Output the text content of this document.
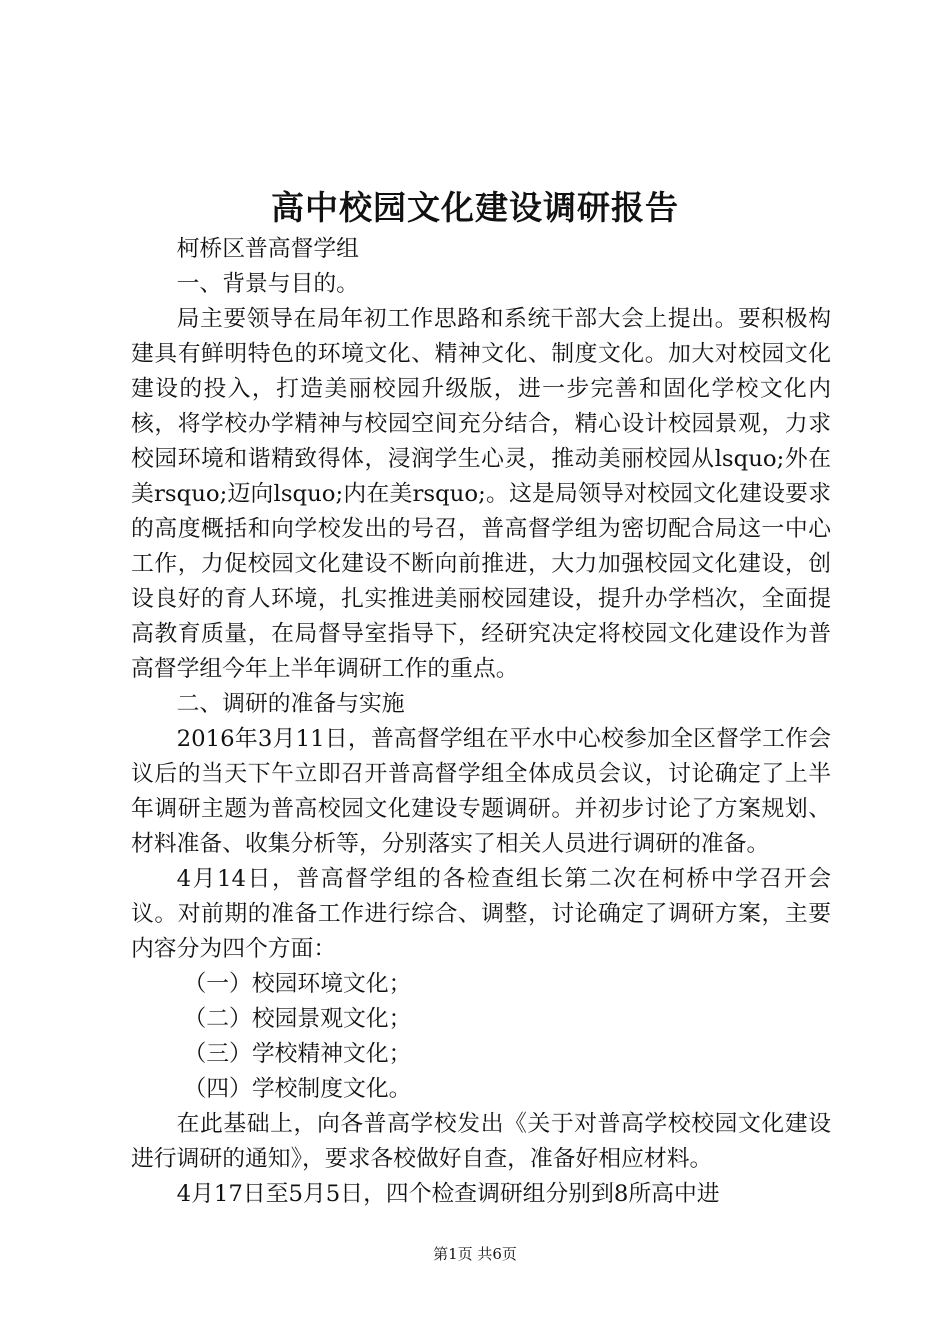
高中校园文化建设调研报告

柯桥区普高督学组

一、背景与目的。

局主要领导在局年初工作思路和系统干部大会上提出。要积极构建具有鲜明特色的环境文化、精神文化、制度文化。加大对校园文化建设的投入，打造美丽校园升级版，进一步完善和固化学校文化内核，将学校办学精神与校园空间充分结合，精心设计校园景观，力求校园环境和谐精致得体，浸润学生心灵，推动美丽校园从lsquo;外在美rsquo;迈向lsquo;内在美rsquo;。这是局领导对校园文化建设要求的高度概括和向学校发出的号召，普高督学组为密切配合局这一中心工作，力促校园文化建设不断向前推进，大力加强校园文化建设，创设良好的育人环境，扎实推进美丽校园建设，提升办学档次，全面提高教育质量，在局督导室指导下，经研究决定将校园文化建设作为普高督学组今年上半年调研工作的重点。

二、调研的准备与实施

2016年3月11日，普高督学组在平水中心校参加全区督学工作会议后的当天下午立即召开普高督学组全体成员会议，讨论确定了上半年调研主题为普高校园文化建设专题调研。并初步讨论了方案规划、材料准备、收集分析等，分别落实了相关人员进行调研的准备。

4月14日，普高督学组的各检查组长第二次在柯桥中学召开会议。对前期的准备工作进行综合、调整，讨论确定了调研方案，主要内容分为四个方面：

（一）校园环境文化；

（二）校园景观文化；

（三）学校精神文化；

（四）学校制度文化。

在此基础上，向各普高学校发出《关于对普高学校校园文化建设进行调研的通知》，要求各校做好自查，准备好相应材料。

4月17日至5月5日，四个检查调研组分别到8所高中进

第1页 共6页
